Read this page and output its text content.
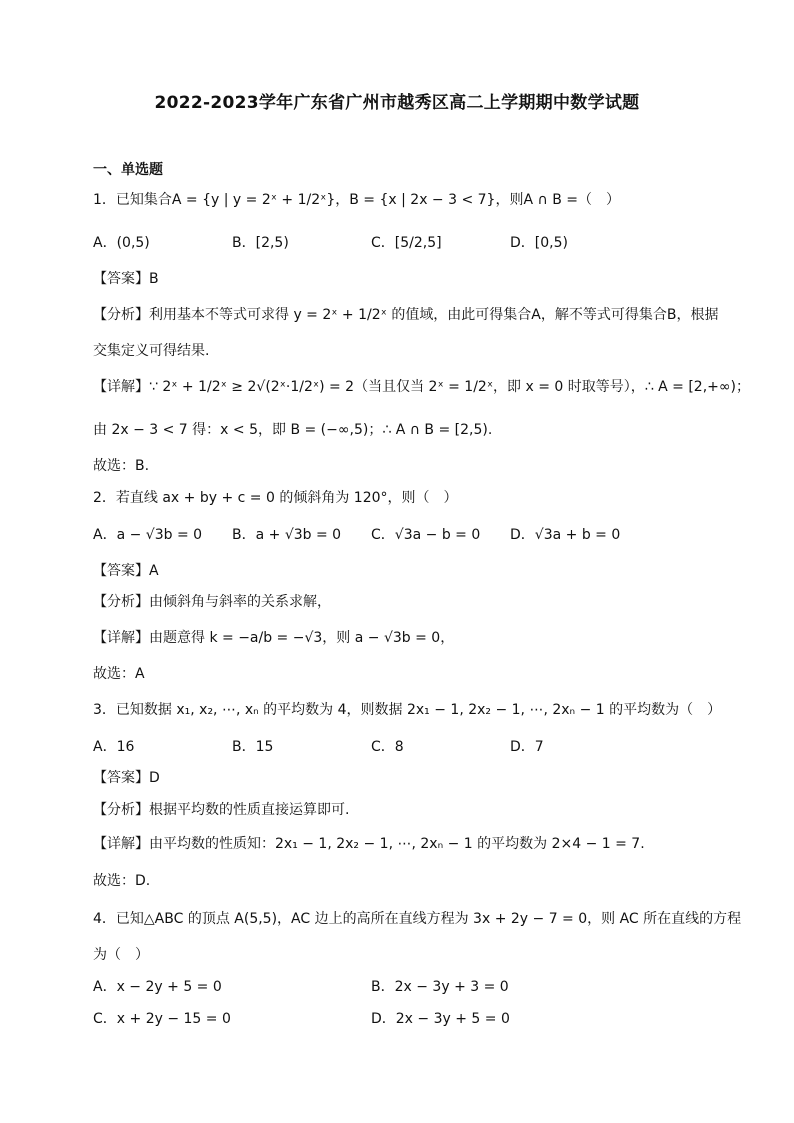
2022-2023学年广东省广州市越秀区高二上学期期中数学试题
一、单选题
1．已知集合A = {y | y = 2ˣ + 1/2ˣ}，B = {x | 2x − 3 < 7}，则A ∩ B =（　）
A．(0,5)	B．[2,5)	C．[5/2,5]	D．[0,5)
【答案】B
【分析】利用基本不等式可求得 y = 2ˣ + 1/2ˣ 的值域，由此可得集合A，解不等式可得集合B，根据
交集定义可得结果.
【详解】∵ 2ˣ + 1/2ˣ ≥ 2√(2ˣ·1/2ˣ) = 2（当且仅当 2ˣ = 1/2ˣ，即 x = 0 时取等号），∴ A = [2,+∞)；
由 2x − 3 < 7 得：x < 5，即 B = (−∞,5)；∴ A ∩ B = [2,5).
故选：B.
2．若直线 ax + by + c = 0 的倾斜角为 120°，则（　）
A．a − √3b = 0 B．a + √3b = 0 C．√3a − b = 0 D．√3a + b = 0
【答案】A
【分析】由倾斜角与斜率的关系求解，
【详解】由题意得 k = −a/b = −√3，则 a − √3b = 0，
故选：A
3．已知数据 x₁, x₂, ⋯, xₙ 的平均数为 4，则数据 2x₁ − 1, 2x₂ − 1, ⋯, 2xₙ − 1 的平均数为（　）
A．16	B．15	C．8	D．7
【答案】D
【分析】根据平均数的性质直接运算即可.
【详解】由平均数的性质知：2x₁ − 1, 2x₂ − 1, ⋯, 2xₙ − 1 的平均数为 2×4 − 1 = 7.
故选：D.
4．已知△ABC 的顶点 A(5,5)，AC 边上的高所在直线方程为 3x + 2y − 7 = 0，则 AC 所在直线的方程
为（　）
A．x − 2y + 5 = 0	B．2x − 3y + 3 = 0
C．x + 2y − 15 = 0	D．2x − 3y + 5 = 0
